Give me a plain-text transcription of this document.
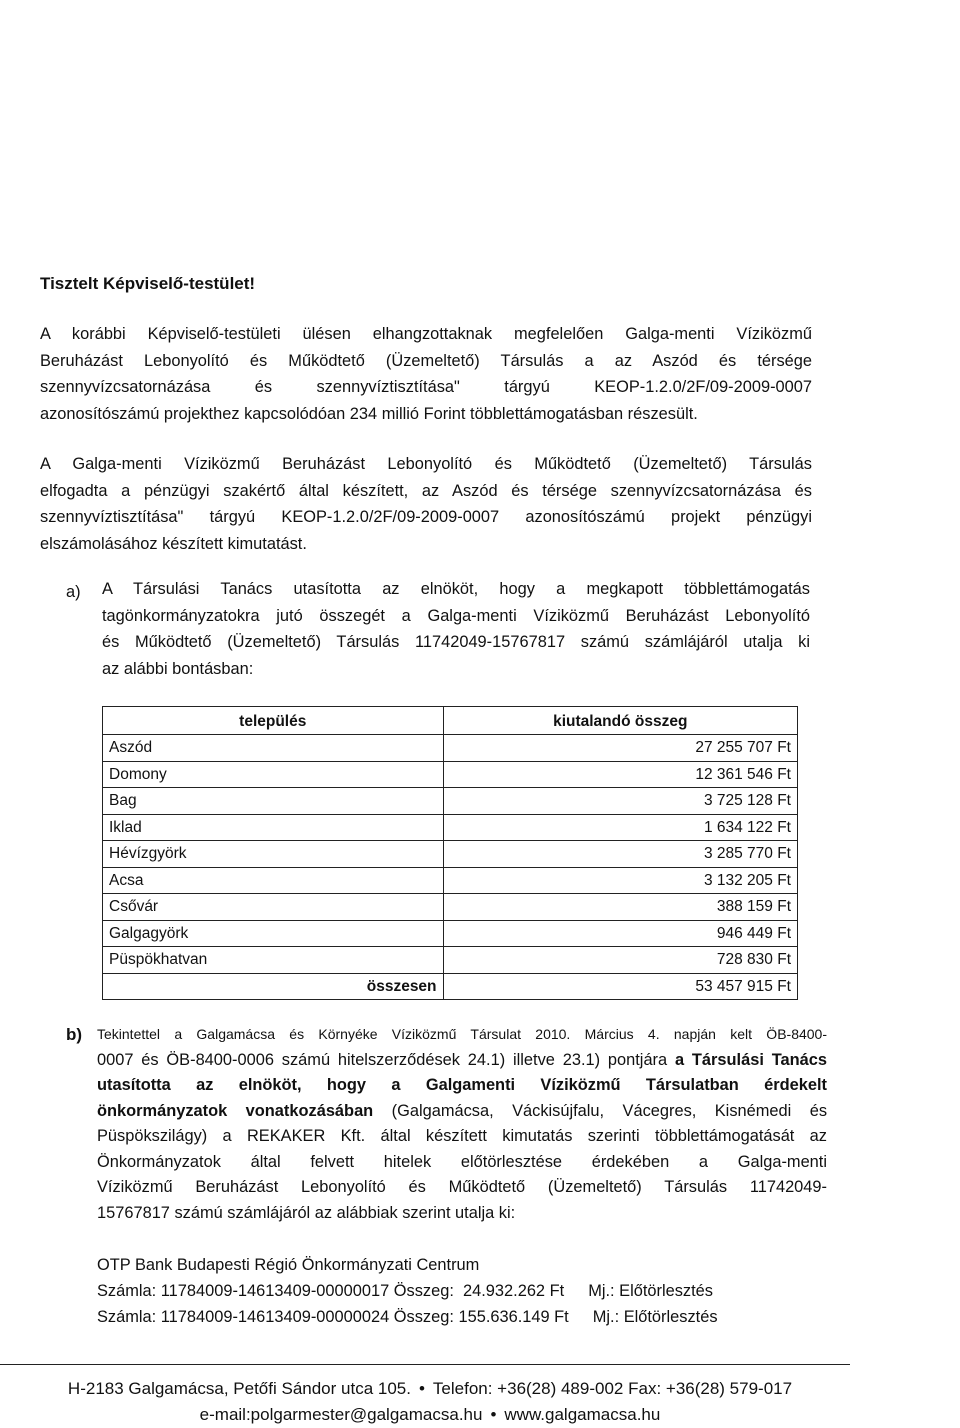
Tisztelt Képviselő-testület!
A korábbi Képviselő-testületi ülésen elhangzottaknak megfelelően Galga-menti Víziközmű
Beruházást Lebonyolító és Működtető (Üzemeltető) Társulás a az Aszód és térsége
szennyvízcsatornázása és szennyvíztisztítása" tárgyú KEOP-1.2.0/2F/09-2009-0007
azonosítószámú projekthez kapcsolódóan 234 millió Forint többlettámogatásban részesült.
A Galga-menti Víziközmű Beruházást Lebonyolító és Működtető (Üzemeltető) Társulás
elfogadta a pénzügyi szakértő által készített, az Aszód és térsége szennyvízcsatornázása és
szennyvíztisztítása" tárgyú KEOP-1.2.0/2F/09-2009-0007 azonosítószámú projekt pénzügyi
elszámolásához készített kimutatást.
a) A Társulási Tanács utasította az elnököt, hogy a megkapott többlettámogatás
tagönkormányzatokra jutó összegét a Galga-menti Víziközmű Beruházást Lebonyolító
és Működtető (Üzemeltető) Társulás 11742049-15767817 számú számlájáról utalja ki
az alábbi bontásban:
település	kiutalandó összeg
Aszód	27 255 707 Ft
Domony	12 361 546 Ft
Bag	3 725 128 Ft
Iklad	1 634 122 Ft
Hévízgyörk	3 285 770 Ft
Acsa	3 132 205 Ft
Csővár	388 159 Ft
Galgagyörk	946 449 Ft
Püspökhatvan	728 830 Ft
összesen	53 457 915 Ft
b) Tekintettel a Galgamácsa és Környéke Víziközmű Társulat 2010. Március 4. napján kelt ÖB-8400-
0007 és ÖB-8400-0006 számú hitelszerződések 24.1) illetve 23.1) pontjára a Társulási Tanács
utasította az elnököt, hogy a Galgamenti Víziközmű Társulatban érdekelt
önkormányzatok vonatkozásában (Galgamácsa, Váckisújfalu, Vácegres, Kisnémedi és
Püspökszilágy) a REKAKER Kft. által készített kimutatás szerinti többlettámogatását az
Önkormányzatok által felvett hitelek előtörlesztése érdekében a Galga-menti
Víziközmű Beruházást Lebonyolító és Működtető (Üzemeltető) Társulás 11742049-
15767817 számú számlájáról az alábbiak szerint utalja ki:
OTP Bank Budapesti Régió Önkormányzati Centrum
Számla: 11784009-14613409-00000017 Összeg:  24.932.262 Ft Mj.: Előtörlesztés
Számla: 11784009-14613409-00000024 Összeg: 155.636.149 Ft Mj.: Előtörlesztés
H-2183 Galgamácsa, Petőfi Sándor utca 105. • Telefon: +36(28) 489-002 Fax: +36(28) 579-017
e-mail:polgarmester@galgamacsa.hu • www.galgamacsa.hu
